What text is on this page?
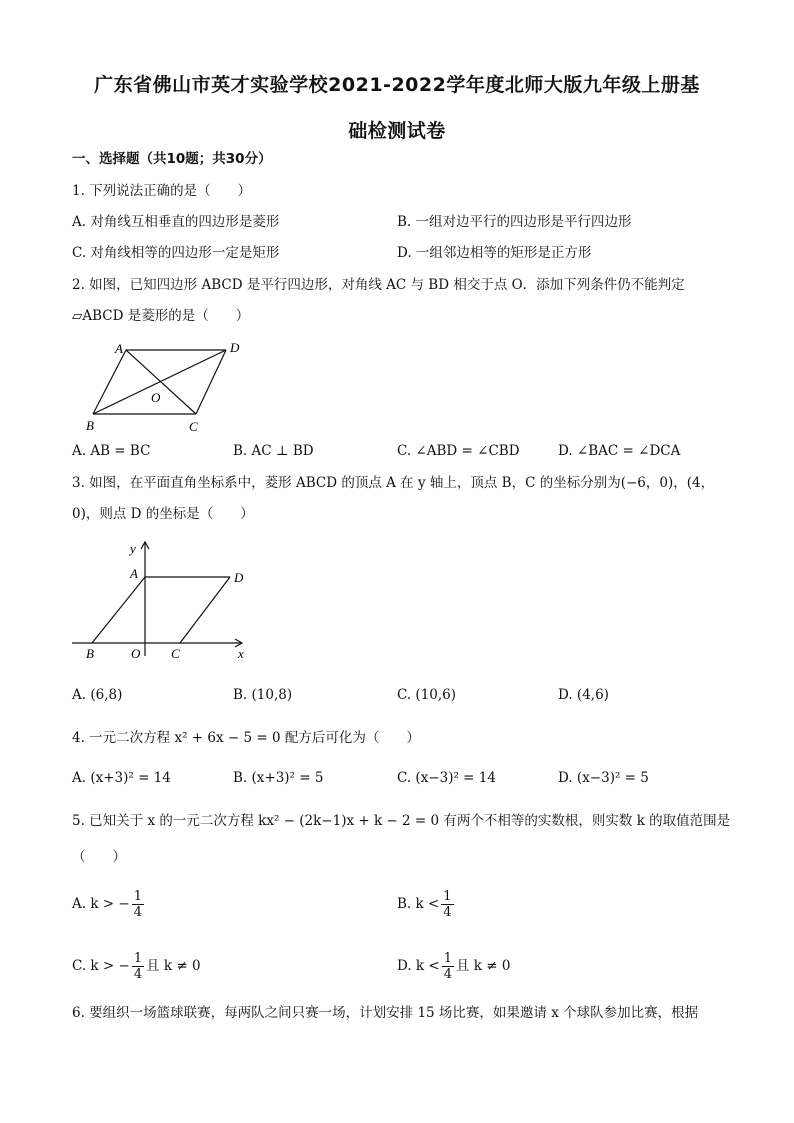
广东省佛山市英才实验学校2021-2022学年度北师大版九年级上册基
础检测试卷
一、选择题（共10题；共30分）
1. 下列说法正确的是（　　）
A. 对角线互相垂直的四边形是菱形	B. 一组对边平行的四边形是平行四边形
C. 对角线相等的四边形一定是矩形	D. 一组邻边相等的矩形是正方形
2. 如图，已知四边形 ABCD 是平行四边形，对角线 AC 与 BD 相交于点 O．添加下列条件仍不能判定
▱ABCD 是菱形的是（　　）
A	D
O
B	C
A. AB = BC	B. AC ⊥ BD	C. ∠ABD = ∠CBD	D. ∠BAC = ∠DCA
3. 如图，在平面直角坐标系中，菱形 ABCD 的顶点 A 在 y 轴上，顶点 B，C 的坐标分别为(−6，0)，(4，
0)，则点 D 的坐标是（　　）
y
A	D
B	O C	x
A. (6,8)	B. (10,8)	C. (10,6)	D. (4,6)
4. 一元二次方程 x² + 6x − 5 = 0 配方后可化为（　　）
A. (x+3)² = 14	B. (x+3)² = 5	C. (x−3)² = 14	D. (x−3)² = 5
5. 已知关于 x 的一元二次方程 kx² − (2k−1)x + k − 2 = 0 有两个不相等的实数根，则实数 k 的取值范围是
（　　）
A. k > − $\frac{1}{4}$	B. $k < \frac{1}{4}$
C. k > − $\frac{1}{4}$ 且 k ≠ 0	D. $k < \frac{1}{4}$ 且 k ≠ 0
6. 要组织一场篮球联赛，每两队之间只赛一场，计划安排 15 场比赛，如果邀请 x 个球队参加比赛，根据
